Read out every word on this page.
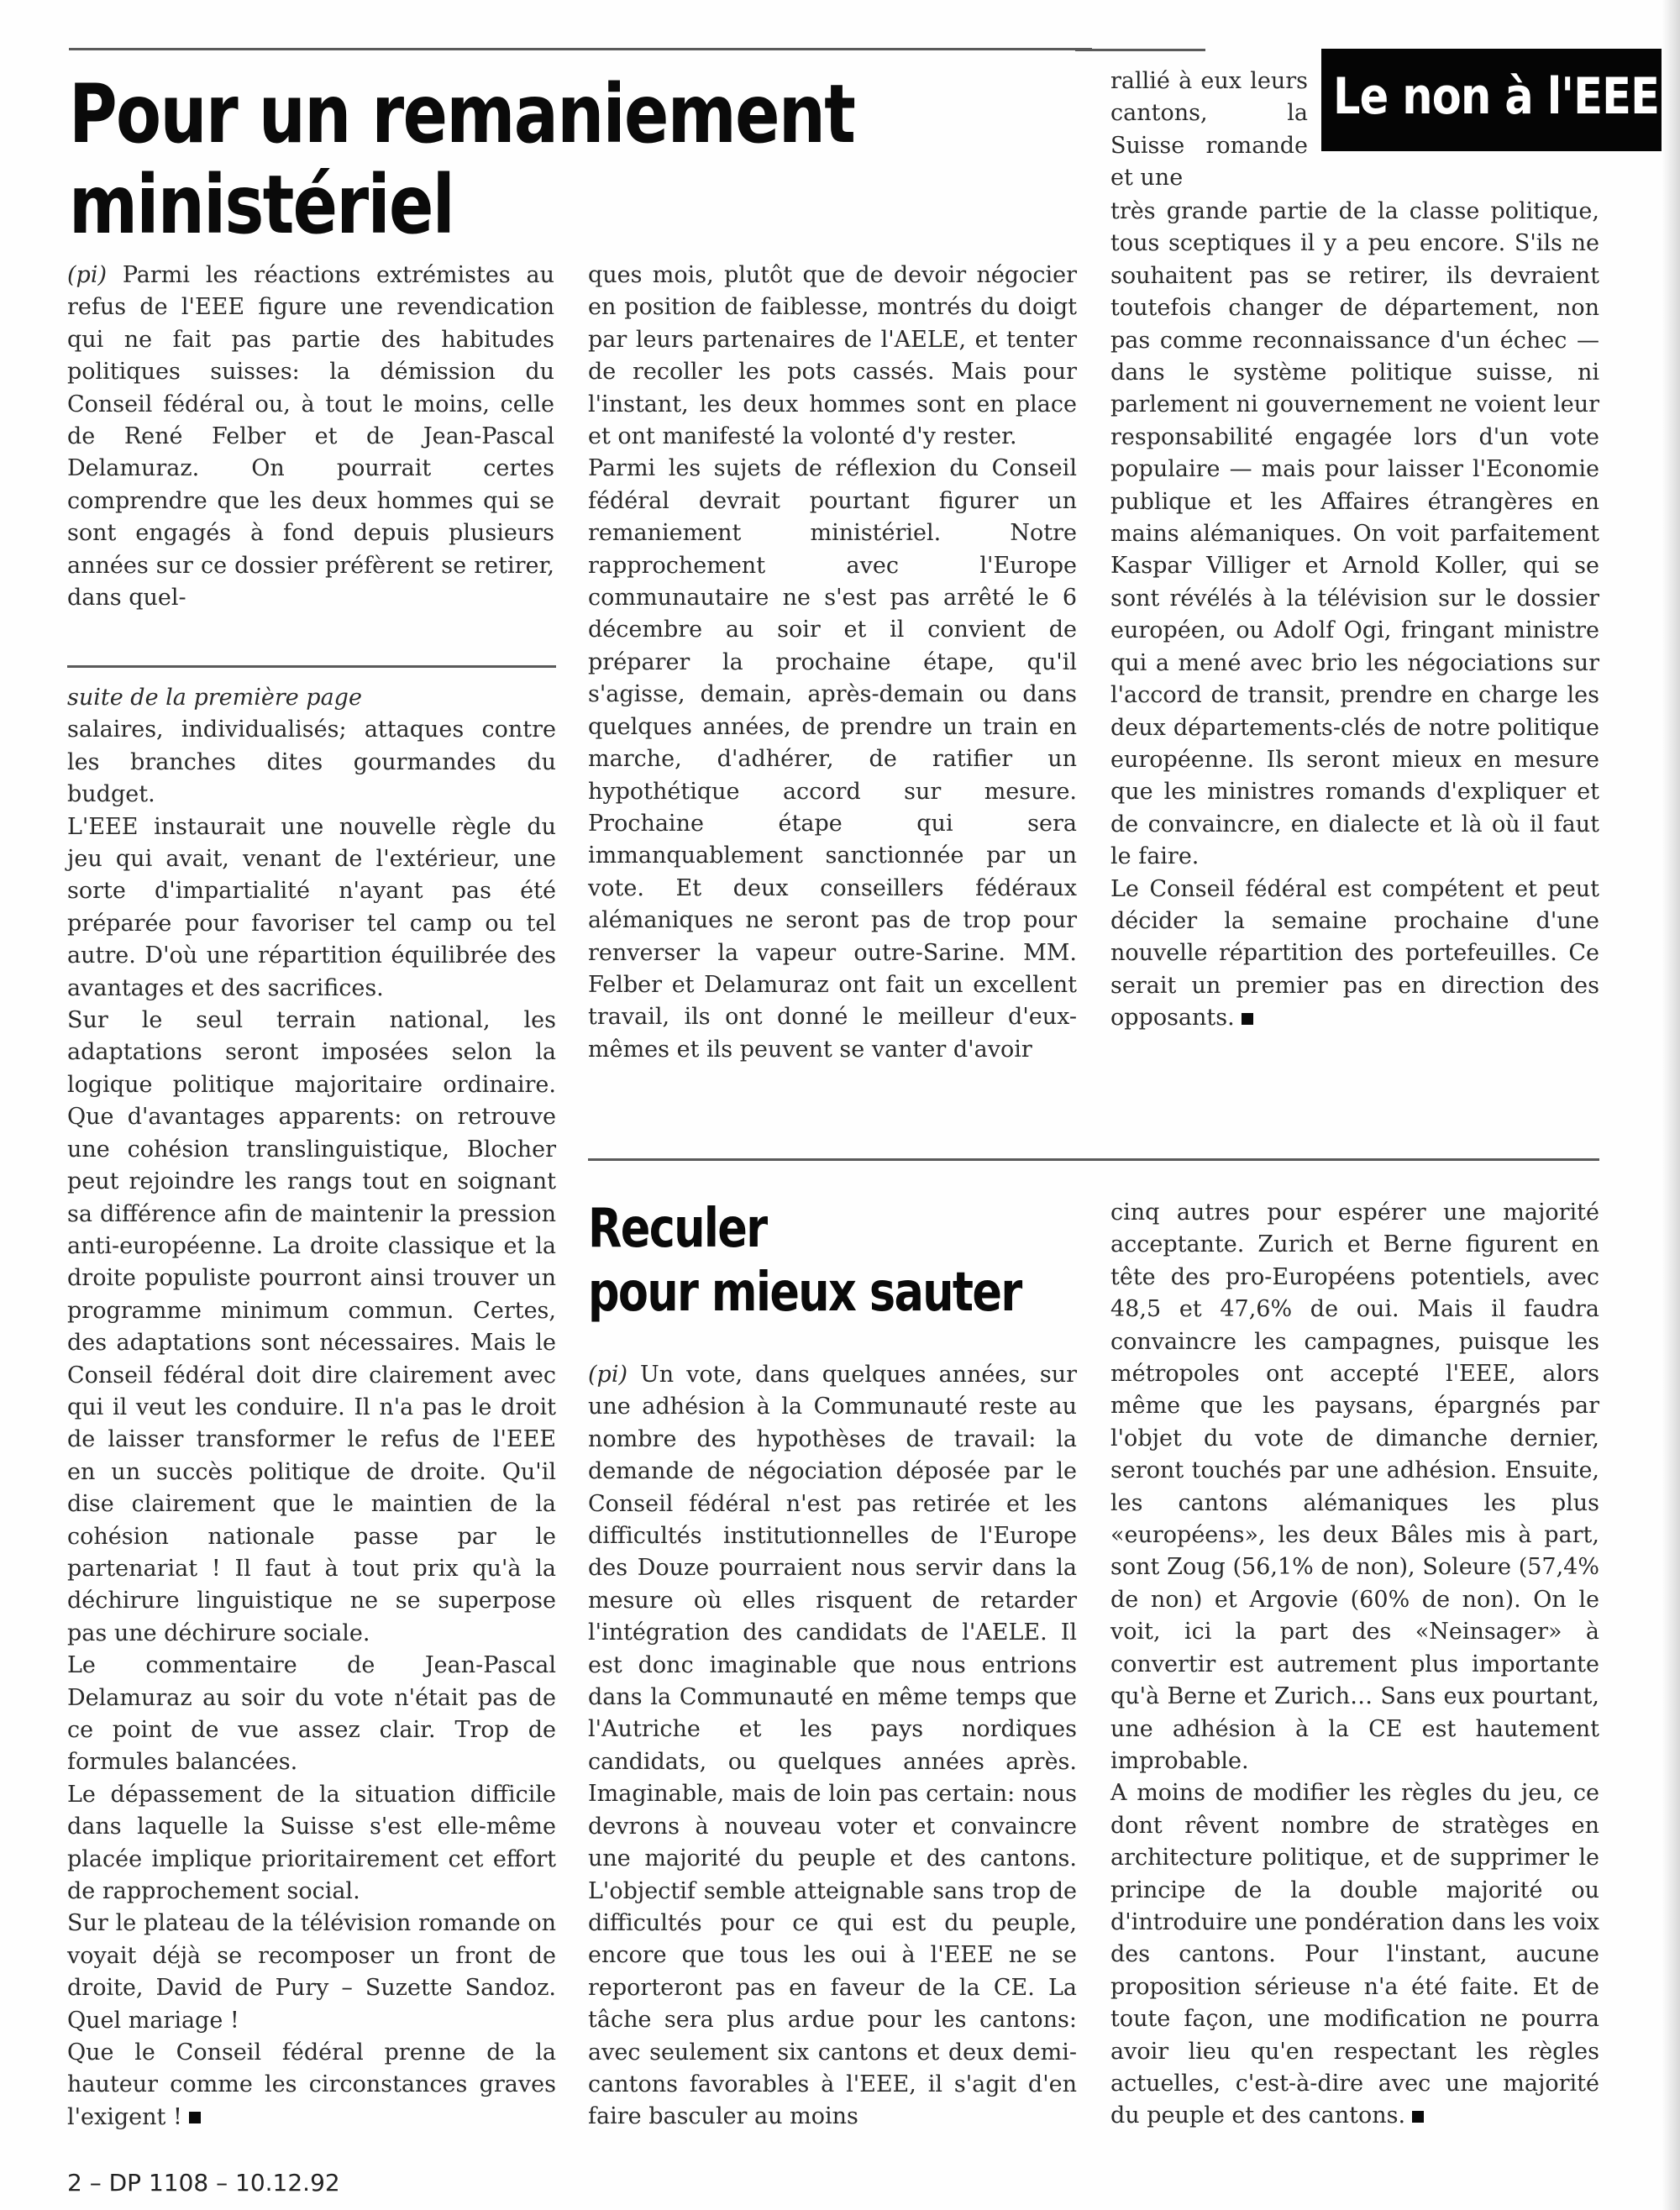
Le non à l'EEE
Pour un remaniement
ministériel

(pi) Parmi les réactions extrémistes au refus de l'EEE figure une revendication qui ne fait pas partie des habitudes politiques suisses: la démission du Conseil fédéral ou, à tout le moins, celle de René Felber et de Jean-Pascal Delamuraz. On pourrait certes comprendre que les deux hommes qui se sont engagés à fond depuis plusieurs années sur ce dossier préfèrent se retirer, dans quel-

ques mois, plutôt que de devoir négocier en position de faiblesse, montrés du doigt par leurs partenaires de l'AELE, et tenter de recoller les pots cassés. Mais pour l'instant, les deux hommes sont en place et ont manifesté la volonté d'y rester.

Parmi les sujets de réflexion du Conseil fédéral devrait pourtant figurer un remaniement ministériel. Notre rapprochement avec l'Europe communautaire ne s'est pas arrêté le 6 décembre au soir et il convient de préparer la prochaine étape, qu'il s'agisse, demain, après-demain ou dans quelques années, de prendre un train en marche, d'adhérer, de ratifier un hypothétique accord sur mesure. Prochaine étape qui sera immanquablement sanctionnée par un vote. Et deux conseillers fédéraux alémaniques ne seront pas de trop pour renverser la vapeur outre-Sarine. MM. Felber et Delamuraz ont fait un excellent travail, ils ont donné le meilleur d'eux-mêmes et ils peuvent se vanter d'avoir

rallié à eux leurs cantons, la Suisse romande et une

très grande partie de la classe politique, tous sceptiques il y a peu encore. S'ils ne souhaitent pas se retirer, ils devraient toutefois changer de département, non pas comme reconnaissance d'un échec — dans le système politique suisse, ni parlement ni gouvernement ne voient leur responsabilité engagée lors d'un vote populaire — mais pour laisser l'Economie publique et les Affaires étrangères en mains alémaniques. On voit parfaitement Kaspar Villiger et Arnold Koller, qui se sont révélés à la télévision sur le dossier européen, ou Adolf Ogi, fringant ministre qui a mené avec brio les négociations sur l'accord de transit, prendre en charge les deux départements-clés de notre politique européenne. Ils seront mieux en mesure que les ministres romands d'expliquer et de convaincre, en dialecte et là où il faut le faire.

Le Conseil fédéral est compétent et peut décider la semaine prochaine d'une nouvelle répartition des portefeuilles. Ce serait un premier pas en direction des opposants.

suite de la première page

salaires, individualisés; attaques contre les branches dites gourmandes du budget.

L'EEE instaurait une nouvelle règle du jeu qui avait, venant de l'extérieur, une sorte d'impartialité n'ayant pas été préparée pour favoriser tel camp ou tel autre. D'où une répartition équilibrée des avantages et des sacrifices.

Sur le seul terrain national, les adaptations seront imposées selon la logique politique majoritaire ordinaire. Que d'avantages apparents: on retrouve une cohésion translinguistique, Blocher peut rejoindre les rangs tout en soignant sa différence afin de maintenir la pression anti-européenne. La droite classique et la droite populiste pourront ainsi trouver un programme minimum commun. Certes, des adaptations sont nécessaires. Mais le Conseil fédéral doit dire clairement avec qui il veut les conduire. Il n'a pas le droit de laisser transformer le refus de l'EEE en un succès politique de droite. Qu'il dise clairement que le maintien de la cohésion nationale passe par le partenariat ! Il faut à tout prix qu'à la déchirure linguistique ne se superpose pas une déchirure sociale.

Le commentaire de Jean-Pascal Delamuraz au soir du vote n'était pas de ce point de vue assez clair. Trop de formules balancées.

Le dépassement de la situation difficile dans laquelle la Suisse s'est elle-même placée implique prioritairement cet effort de rapprochement social.

Sur le plateau de la télévision romande on voyait déjà se recomposer un front de droite, David de Pury – Suzette Sandoz. Quel mariage !

Que le Conseil fédéral prenne de la hauteur comme les circonstances graves l'exigent !

Reculer
pour mieux sauter

(pi) Un vote, dans quelques années, sur une adhésion à la Communauté reste au nombre des hypothèses de travail: la demande de négociation déposée par le Conseil fédéral n'est pas retirée et les difficultés institutionnelles de l'Europe des Douze pourraient nous servir dans la mesure où elles risquent de retarder l'intégration des candidats de l'AELE. Il est donc imaginable que nous entrions dans la Communauté en même temps que l'Autriche et les pays nordiques candidats, ou quelques années après. Imaginable, mais de loin pas certain: nous devrons à nouveau voter et convaincre une majorité du peuple et des cantons. L'objectif semble atteignable sans trop de difficultés pour ce qui est du peuple, encore que tous les oui à l'EEE ne se reporteront pas en faveur de la CE. La tâche sera plus ardue pour les cantons: avec seulement six cantons et deux demi-cantons favorables à l'EEE, il s'agit d'en faire basculer au moins

cinq autres pour espérer une majorité acceptante. Zurich et Berne figurent en tête des pro-Européens potentiels, avec 48,5 et 47,6% de oui. Mais il faudra convaincre les campagnes, puisque les métropoles ont accepté l'EEE, alors même que les paysans, épargnés par l'objet du vote de dimanche dernier, seront touchés par une adhésion. Ensuite, les cantons alémaniques les plus «européens», les deux Bâles mis à part, sont Zoug (56,1% de non), Soleure (57,4% de non) et Argovie (60% de non). On le voit, ici la part des «Neinsager» à convertir est autrement plus importante qu'à Berne et Zurich… Sans eux pourtant, une adhésion à la CE est hautement improbable.

A moins de modifier les règles du jeu, ce dont rêvent nombre de stratèges en architecture politique, et de supprimer le principe de la double majorité ou d'introduire une pondération dans les voix des cantons. Pour l'instant, aucune proposition sérieuse n'a été faite. Et de toute façon, une modification ne pourra avoir lieu qu'en respectant les règles actuelles, c'est-à-dire avec une majorité du peuple et des cantons.

2 – DP 1108 – 10.12.92
